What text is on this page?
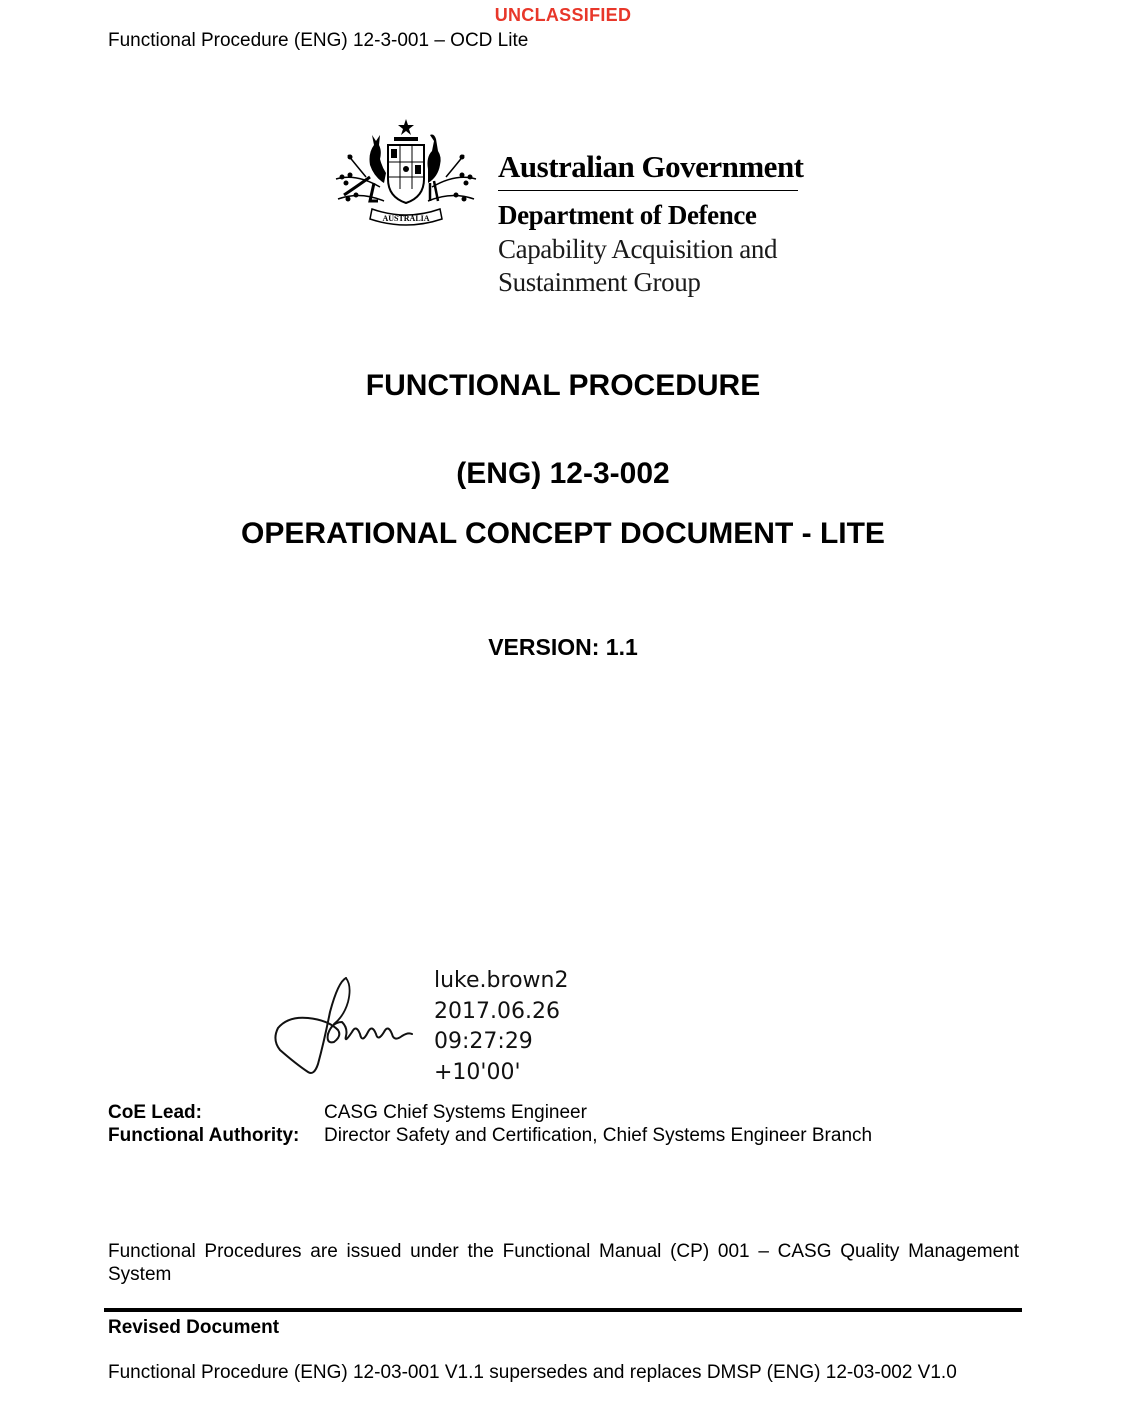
UNCLASSIFIED
Functional Procedure (ENG) 12-3-001 – OCD Lite
AUSTRALIA
Australian Government
Department of Defence
Capability Acquisition and
Sustainment Group
FUNCTIONAL PROCEDURE
(ENG) 12-3-002
OPERATIONAL CONCEPT DOCUMENT - LITE
VERSION: 1.1
luke.brown2
2017.06.26
09:27:29
+10'00'
CoE Lead:	CASG Chief Systems Engineer
Functional Authority:	Director Safety and Certification, Chief Systems Engineer Branch
Functional Procedures are issued under the Functional Manual (CP) 001 – CASG Quality Management System
Revised Document
Functional Procedure (ENG) 12-03-001 V1.1 supersedes and replaces DMSP (ENG) 12-03-002 V1.0
